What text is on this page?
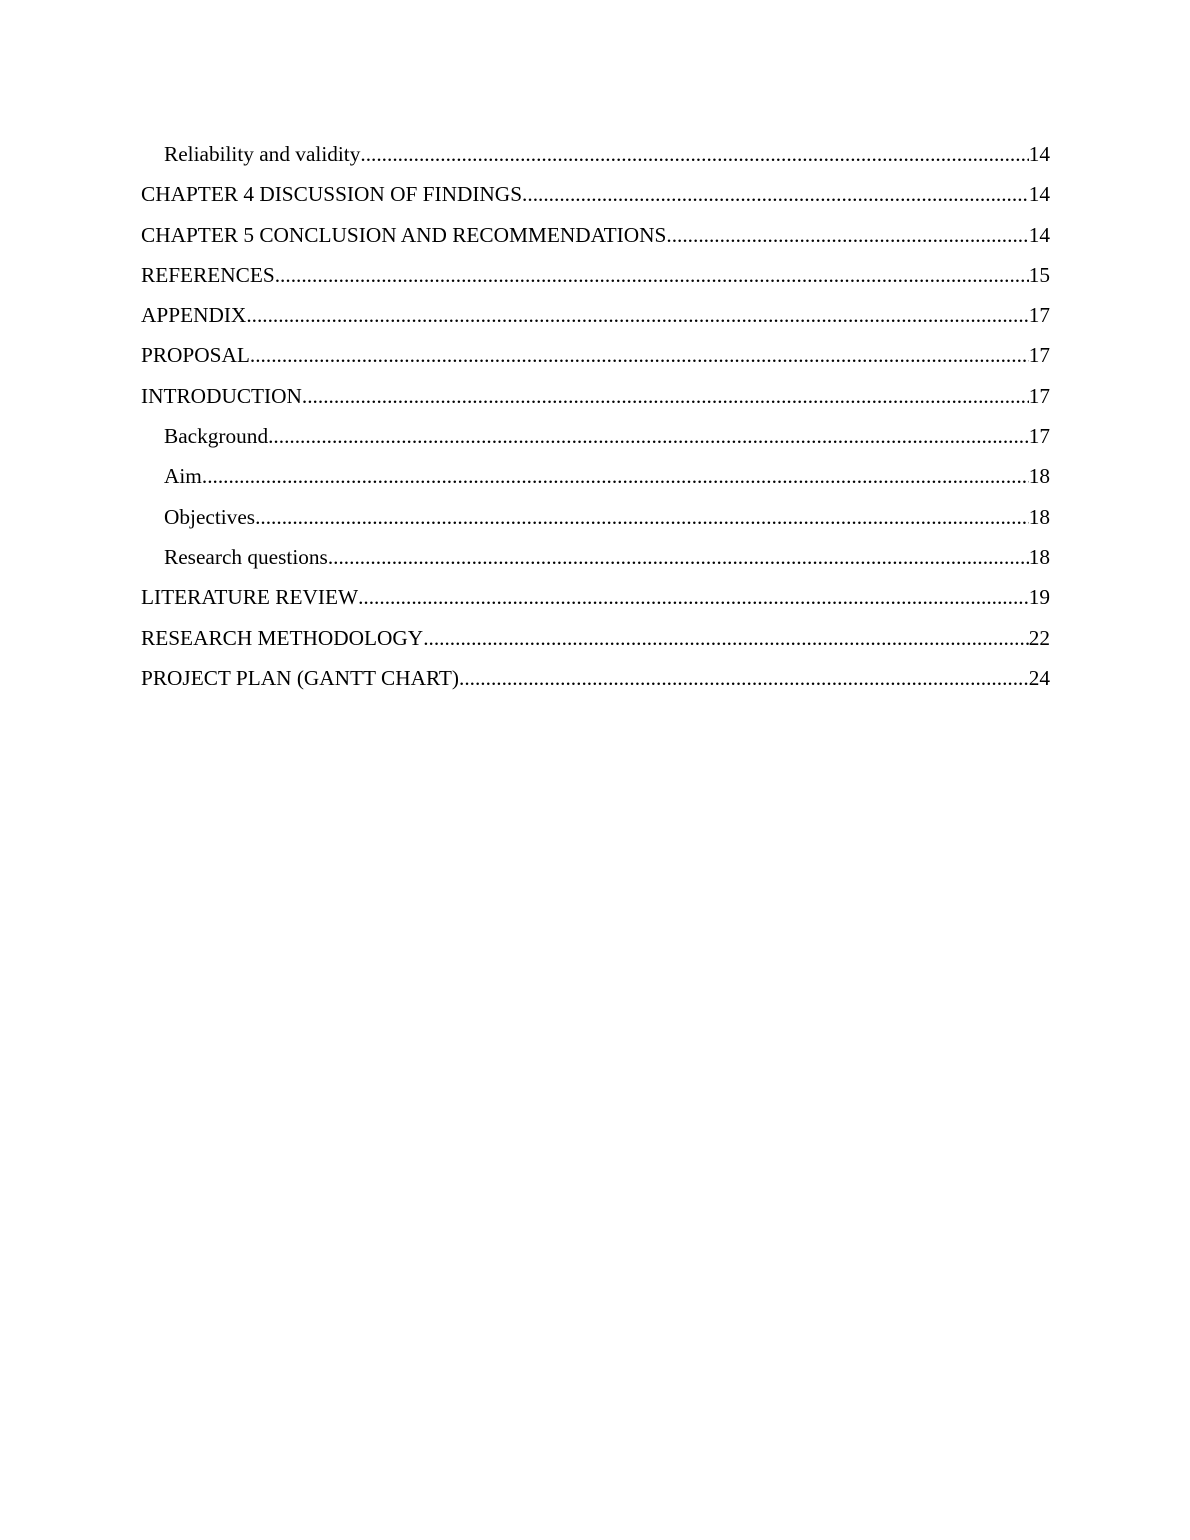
Reliability and validity .....	14
CHAPTER 4 DISCUSSION OF FINDINGS .....	14
CHAPTER 5 CONCLUSION AND RECOMMENDATIONS .....	14
REFERENCES .....	15
APPENDIX .....	17
PROPOSAL .....	17
INTRODUCTION .....	17
Background .....	17
Aim .....	18
Objectives .....	18
Research questions .....	18
LITERATURE REVIEW .....	19
RESEARCH METHODOLOGY .....	22
PROJECT PLAN (GANTT CHART) .....	24
